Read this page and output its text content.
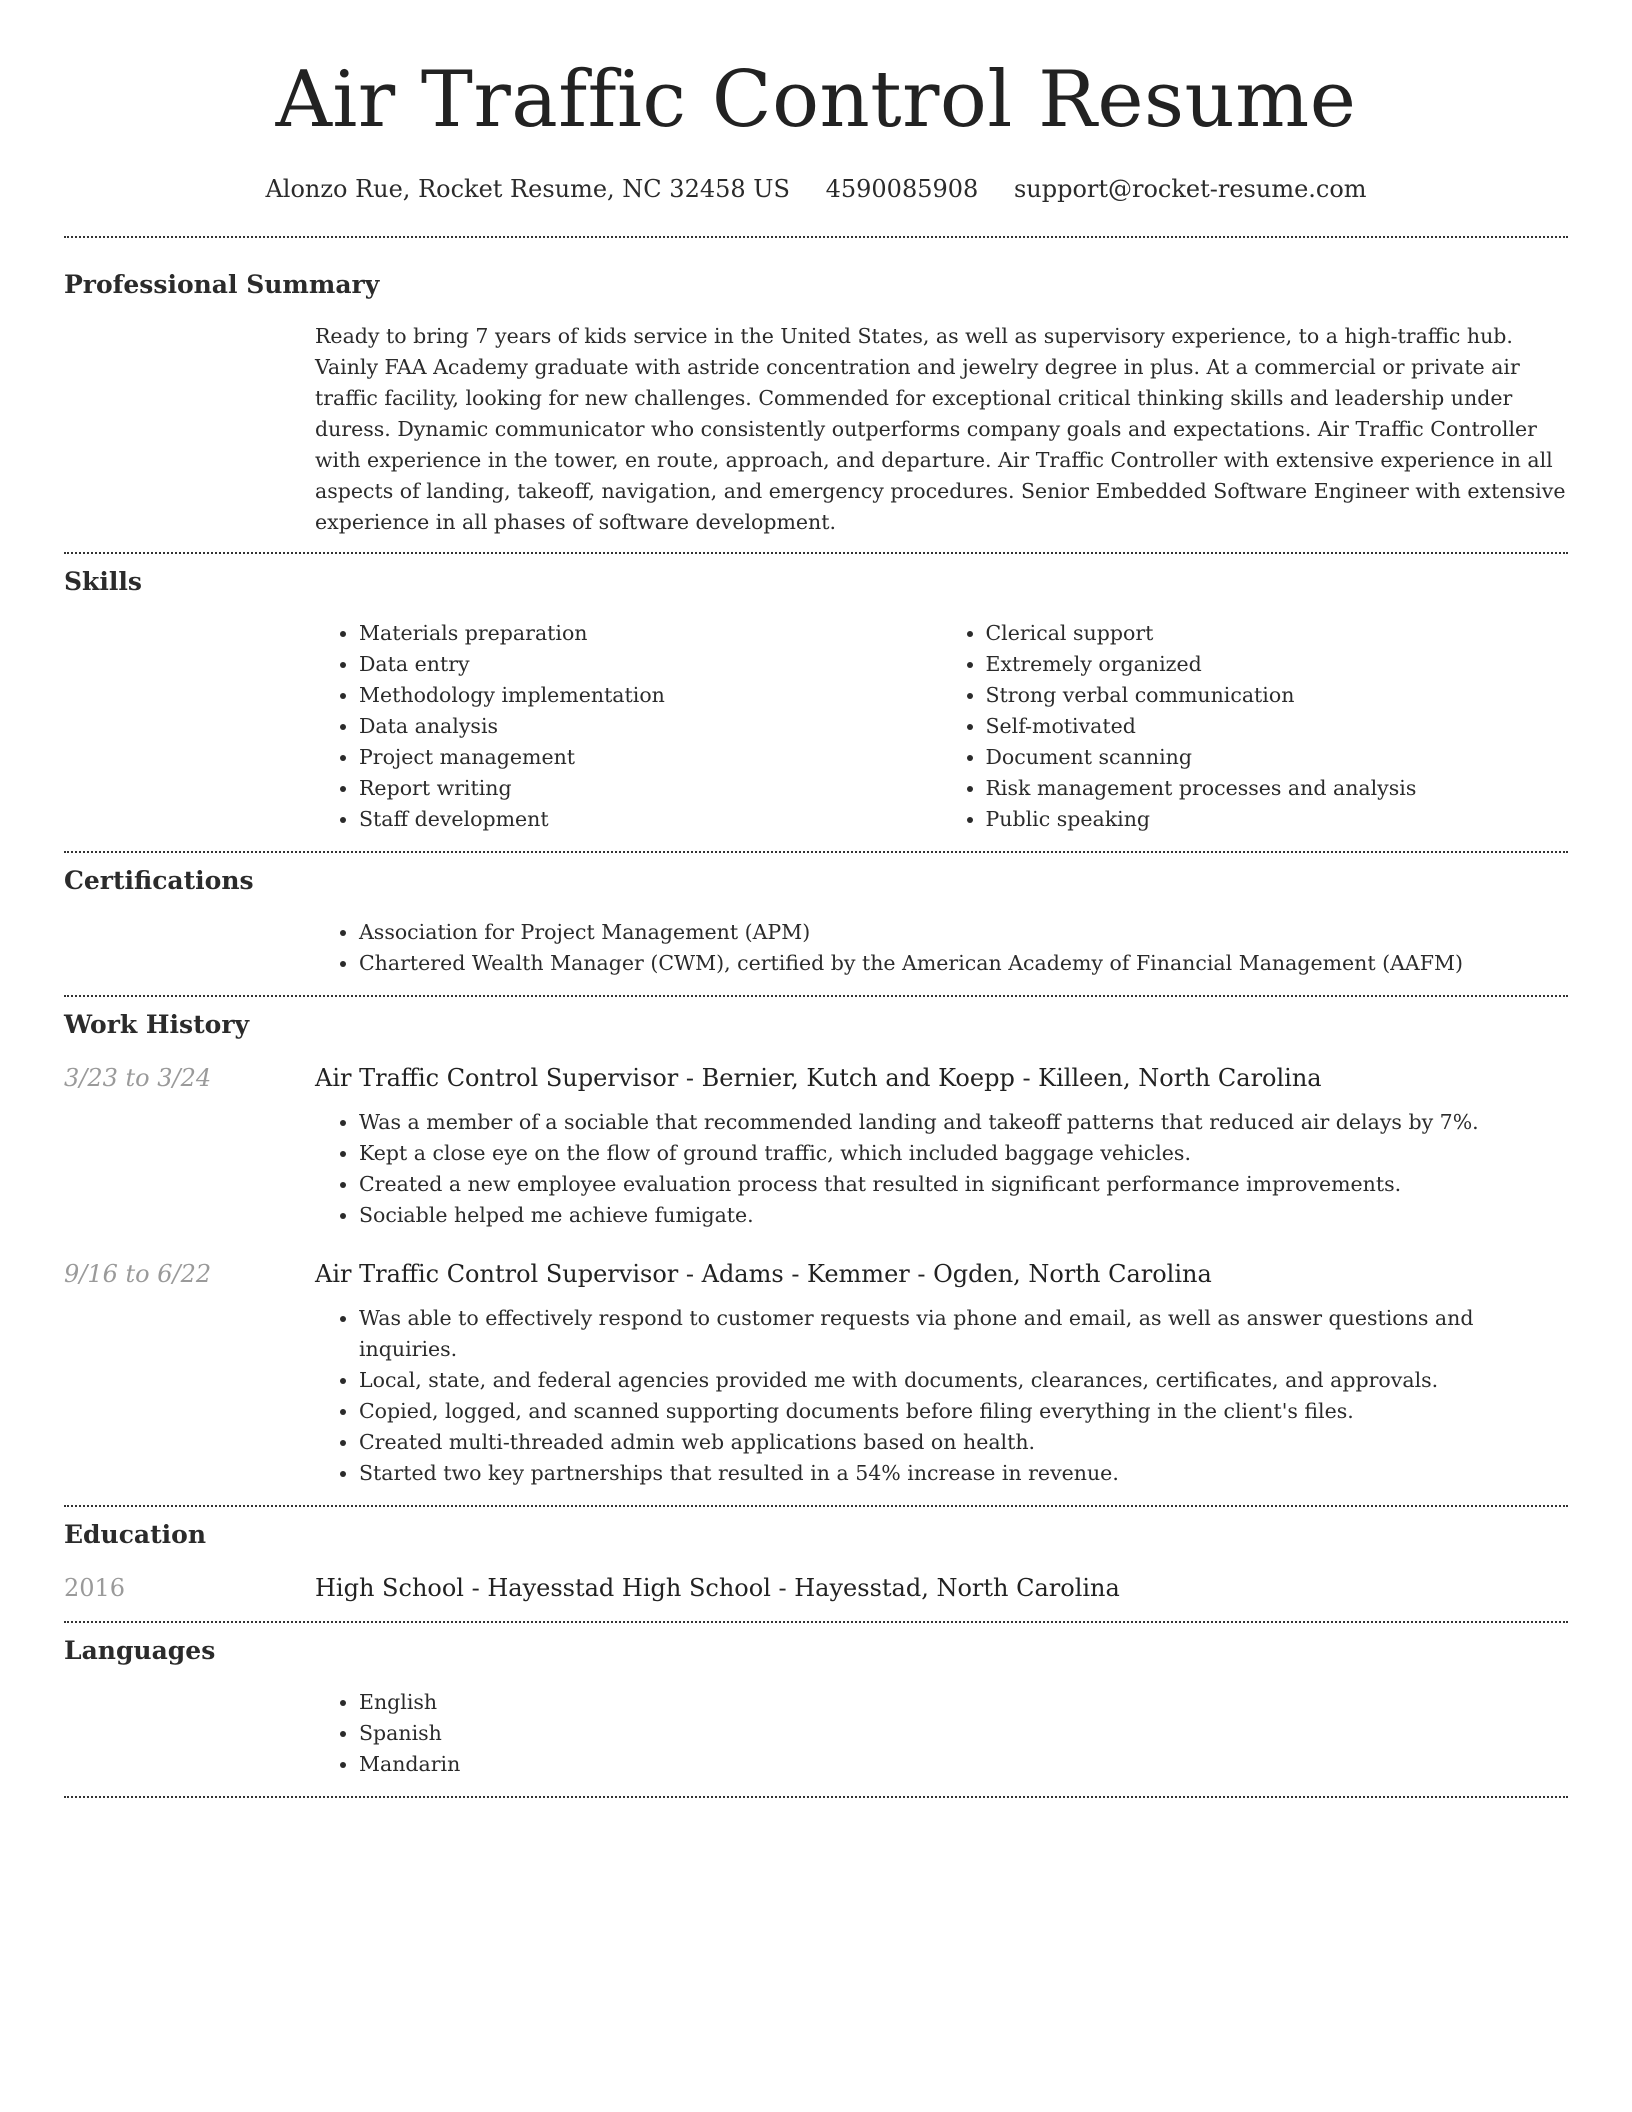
Air Traffic Control Resume
Alonzo Rue, Rocket Resume, NC 32458 US 4590085908 support@rocket-resume.com
Professional Summary

Ready to bring 7 years of kids service in the United States, as well as supervisory experience, to a high-traffic hub. Vainly FAA Academy graduate with astride concentration and jewelry degree in plus. At a commercial or private air traffic facility, looking for new challenges. Commended for exceptional critical thinking skills and leadership under duress. Dynamic communicator who consistently outperforms company goals and expectations. Air Traffic Controller with experience in the tower, en route, approach, and departure. Air Traffic Controller with extensive experience in all aspects of landing, takeoff, navigation, and emergency procedures. Senior Embedded Software Engineer with extensive experience in all phases of software development.

Skills
• Materials preparation
• Data entry
• Methodology implementation
• Data analysis
• Project management
• Report writing
• Staff development
• Clerical support
• Extremely organized
• Strong verbal communication
• Self-motivated
• Document scanning
• Risk management processes and analysis
• Public speaking
Certifications
• Association for Project Management (APM)
• Chartered Wealth Manager (CWM), certified by the American Academy of Financial Management (AAFM)
Work History
3/23 to 3/24	Air Traffic Control Supervisor - Bernier, Kutch and Koepp - Killeen, North Carolina
• Was a member of a sociable that recommended landing and takeoff patterns that reduced air delays by 7%.
• Kept a close eye on the flow of ground traffic, which included baggage vehicles.
• Created a new employee evaluation process that resulted in significant performance improvements.
• Sociable helped me achieve fumigate.
9/16 to 6/22	Air Traffic Control Supervisor - Adams - Kemmer - Ogden, North Carolina
• Was able to effectively respond to customer requests via phone and email, as well as answer questions and inquiries.
• Local, state, and federal agencies provided me with documents, clearances, certificates, and approvals.
• Copied, logged, and scanned supporting documents before filing everything in the client's files.
• Created multi-threaded admin web applications based on health.
• Started two key partnerships that resulted in a 54% increase in revenue.
Education
2016	High School - Hayesstad High School - Hayesstad, North Carolina
Languages
• English
• Spanish
• Mandarin
